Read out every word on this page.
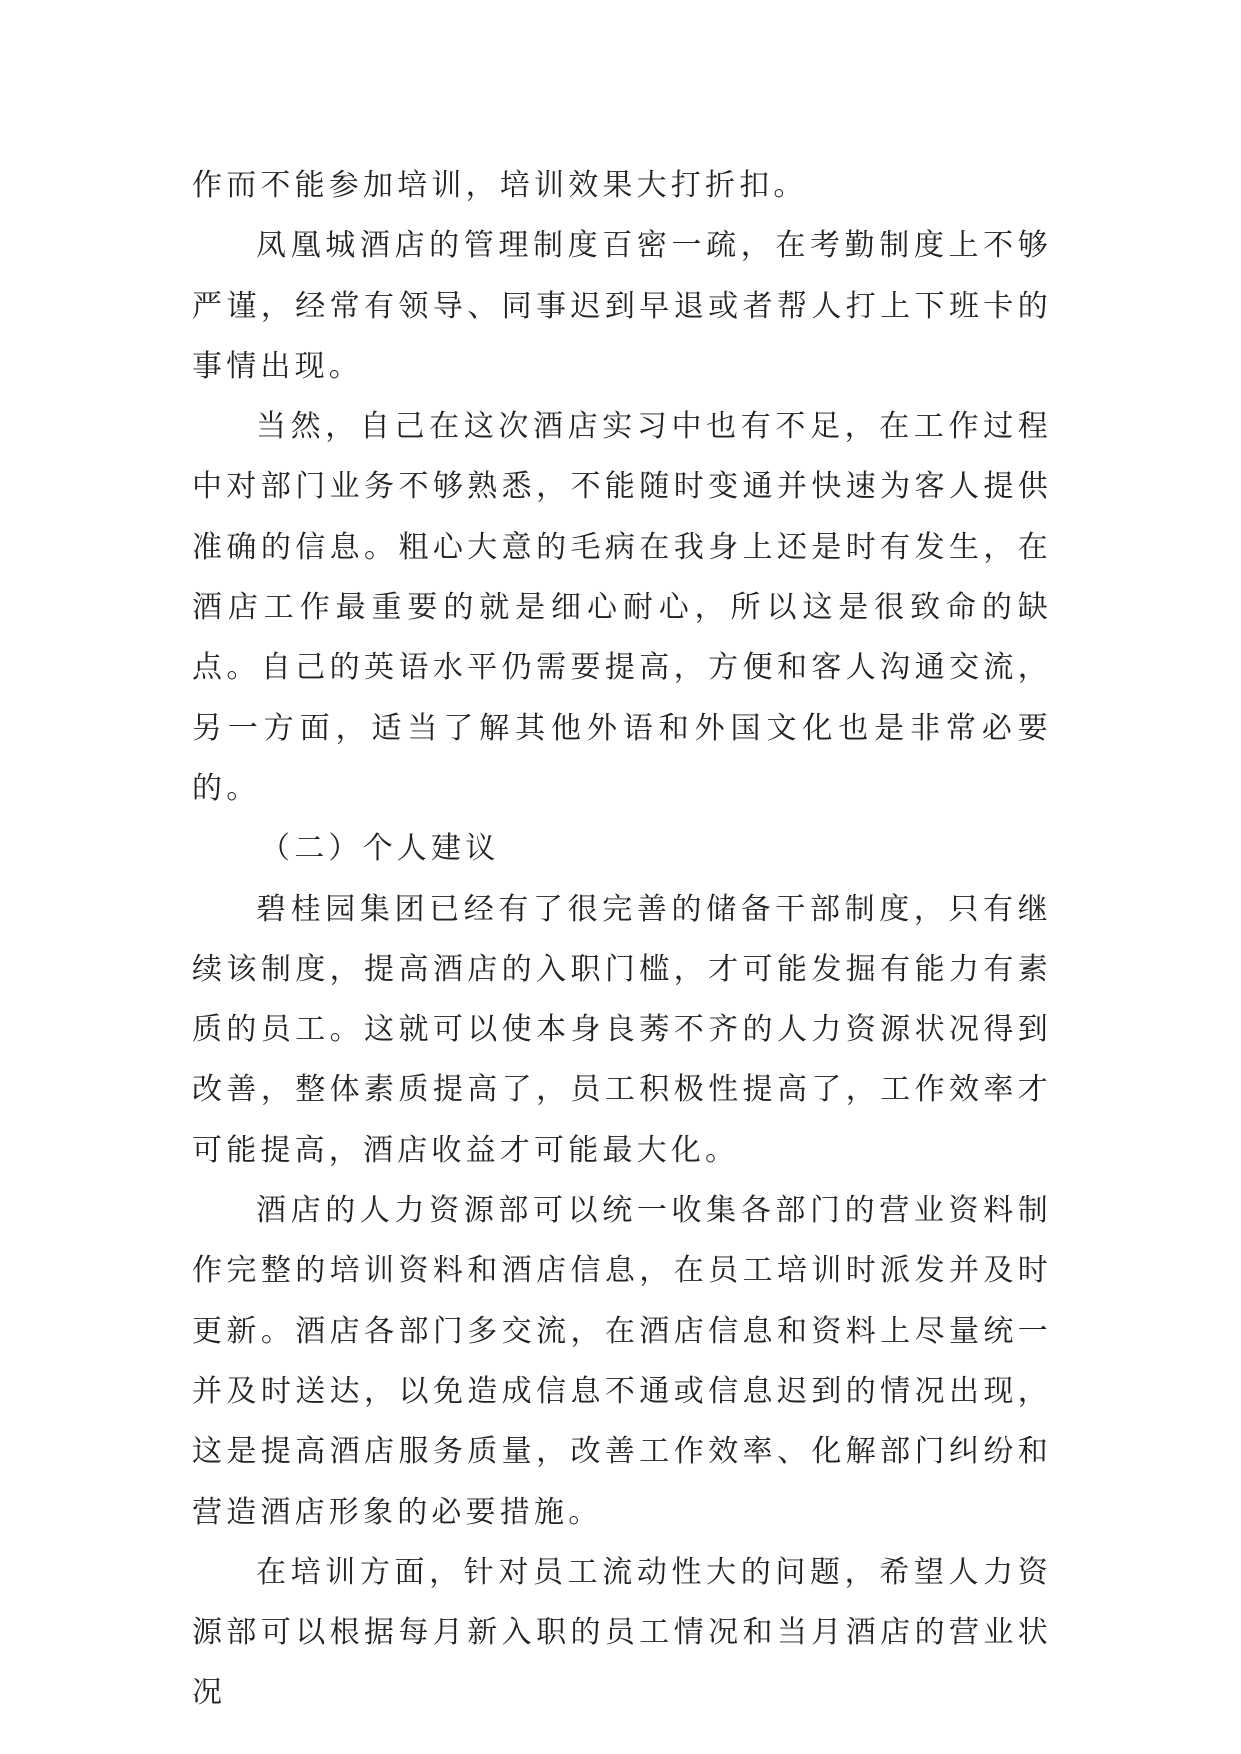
作而不能参加培训，培训效果大打折扣。

凤凰城酒店的管理制度百密一疏，在考勤制度上不够严谨，经常有领导、同事迟到早退或者帮人打上下班卡的事情出现。

当然，自己在这次酒店实习中也有不足，在工作过程中对部门业务不够熟悉，不能随时变通并快速为客人提供准确的信息。粗心大意的毛病在我身上还是时有发生，在酒店工作最重要的就是细心耐心，所以这是很致命的缺点。自己的英语水平仍需要提高，方便和客人沟通交流，另一方面，适当了解其他外语和外国文化也是非常必要的。

（二）个人建议

碧桂园集团已经有了很完善的储备干部制度，只有继续该制度，提高酒店的入职门槛，才可能发掘有能力有素质的员工。这就可以使本身良莠不齐的人力资源状况得到改善，整体素质提高了，员工积极性提高了，工作效率才可能提高，酒店收益才可能最大化。

酒店的人力资源部可以统一收集各部门的营业资料制作完整的培训资料和酒店信息，在员工培训时派发并及时更新。酒店各部门多交流，在酒店信息和资料上尽量统一并及时送达，以免造成信息不通或信息迟到的情况出现，这是提高酒店服务质量，改善工作效率、化解部门纠纷和营造酒店形象的必要措施。

在培训方面，针对员工流动性大的问题，希望人力资源部可以根据每月新入职的员工情况和当月酒店的营业状况
